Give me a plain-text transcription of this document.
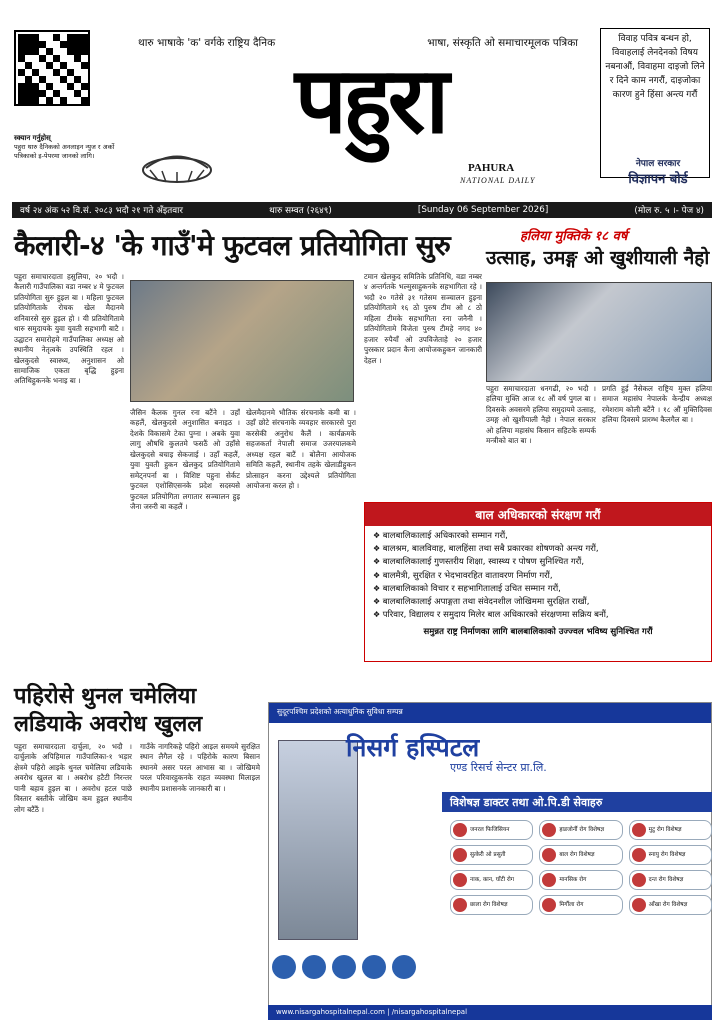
स्क्यान गर्नुहोस्
पहुरा थारु दैनिकको अनलाइन न्युज र अर्को पत्रिकाको इ-पेपरमा जानको लागि।
थारु भाषाके 'क' वर्गके राष्ट्रिय दैनिक	भाषा, संस्कृति ओ समाचारमूलक पत्रिका
पहुरा
PAHURA
NATIONAL DAILY
विवाह पवित्र बन्धन हो, विवाहलाई लेनदेनको विषय नबनाऔं, विवाहमा दाइजो लिने र दिने काम नगरौं, दाइजोका कारण हुने हिंसा अन्त्य गरौं
नेपाल सरकार
विज्ञापन बोर्ड
वर्ष २४ अंक ५२ वि.सं. २०८३ भदौ २१ गते अँइतवार	थारु सम्वत (२६४९)	[Sunday 06 September 2026]	(मोल रु. ५ ।- पेज ४)
कैलारी-४ 'के गाउँ'मे फुटवल प्रतियोगिता सुरु	हलिया मुक्तिके १८ वर्ष
उत्साह, उमङ्ग ओ खुशीयाली नैहो
पहुरा समाचारदाता हसुलिया, २० भदौ । कैलारी गाउँपालिका वडा नम्बर ४ मे फुटवल प्रतियोगिता सुरु हुइल बा । महिला फुटवल प्रतियोगिताके रोचक खेल मैदानमे शनिवारसे सुरु हुइल हो । यी प्रतियोगितामे थारु समुदायके युवा युवती सहभागी बाटै । उद्घाटन समारोहमे गाउँपालिका अध्यक्ष ओ स्थानीय नेतृत्वके उपस्थिति रहल । खेलकुदसे स्वास्थ्य, अनुशासन ओ सामाजिक एकता बृद्धि हुइना अतिथिहुकनके भनाइ बा ।
जैसिन कैलक गुनल रना बटैंने । उहाँ कहलैं, खेलकुदसे अनुशासित बनाइठ । देशके विकासमे टेका पुग्ना । अबके युवा लागु औषधि कुलतमे फसठैं ओ उहाँसे खेलकुदसे बचाइ सेकजाई । उहाँ कहलैं, युवा युवती हुकन खेलकुद प्रतियोगितामे समेट्नपर्ना बा । विशिष्ट पहुना सेर्कट फुटवल एशोसिएसनके प्रदेश सदस्यसे फुटवल प्रतियोगिता लगातार सञ्चालन हुइ जैना जरुरी बा कहलैं ।
खेलमैदानमे भौतिक संरचनाके कमी बा । उहाँ छोटे संरचनाके व्यवहार सरकारसे पुरा करसेकी अनुरोध कैलैं । कार्यक्रमके सहजकर्ता नेपाली समाज उजरयालकमे अध्यक्ष रहल बाटैं । बोलैना आयोजक समिति कहलैं, स्थानीय तहके खेलाडीहुकन प्रोत्साहन करना उद्देश्यले प्रतियोगिता आयोजना करल हो ।
टमान खेलकुद समितिके प्रतिनिधि, वडा नम्बर ४ अन्तर्गतके भल्मुसाहुकनके सहभागिता रहे । भदौ २० गतेसे ३१ गतेसम सञ्चालन हुइना प्रतियोगितामे १६ ठो पुरुष टीम ओ ८ ठो महिला टीमके सहभागिता रना जनैनी । प्रतियोगितामे विजेता पुरुष टीमहे नगद ४० हजार रुपैयाँ ओ उपविजेताहे २० हजार पुरस्कार प्रदान कैना आयोजकहुकन जानकारी देहल ।
पहुरा समाचारदाता धनगढी, २० भदौ । हलिया मुक्ति आज १८ औं वर्ष पुगल बा । दिवसके अवसरमे हलिया समुदायमे उत्साह, उमङ्ग ओ खुशीयाली नैहो । नेपाल सरकार ओ हलिया महासंघ किसान सहिटके सम्पर्क मन्त्रीको बात बा ।
प्रगति हुई नैसेकल राष्ट्रिय मुक्त हलिया समाज महासंघ नेपालके केन्द्रीय अध्यक्ष रमेशराम कोली बटैंनै । १८ औं मुक्तिदिवस हलिया दिवसमे प्रारम्भ कैलगैल बा ।
बाल अधिकारको संरक्षण गरौं
❖ बालबालिकालाई अधिकारको सम्मान गरौं,
❖ बालश्रम, बालविवाह, बालहिंसा तथा सबै प्रकारका शोषणको अन्त्य गरौं,
❖ बालबालिकालाई गुणस्तरीय शिक्षा, स्वास्थ्य र पोषण सुनिश्चित गरौं,
❖ बालमैत्री, सुरक्षित र भेदभावरहित वातावरण निर्माण गरौं,
❖ बालबालिकाको विचार र सहभागितालाई उचित सम्मान गरौं,
❖ बालबालिकालाई अपाङ्गता तथा संवेदनशील जोखिममा सुरक्षित राखौं,
❖ परिवार, विद्यालय र समुदाय मिलेर बाल अधिकारको संरक्षणमा सक्रिय बनौं,
समुन्नत राष्ट्र निर्माणका लागि बालबालिकाको उज्ज्वल भविष्य सुनिश्चित गरौं
पहिरोसे थुनल चमेलिया
लडियाके अवरोध खुलल
पहुरा समाचारदाता दार्चुला, २० भदौ । दार्चुलाके अपिहिमाल गाउँपालिका-१ भड़ार क्षेत्रमे पहिरो आइके थुनल चमेलिया लडियाके अवरोध खुलल बा । अबरोध हटैटी निरन्तर पानी बहाव हुइल बा । अवरोध हटल पाछे विस्तार बस्तीके जोखिम कम हुइल स्थानीय लोग बटैंठैं ।
गाउँके नागरिकहे पहिरो आइल समयमे सुरक्षित स्थान लैगैल रहे । पहिरोके कारण बिसान स्थानमे असर परल आभास बा । जोखिममे परल परिवारहुकनके राहत व्यवस्था मिलाइल स्थानीय प्रशासनके जानकारी बा ।
सुदूरपश्चिम प्रदेशको अत्याधुनिक सुविधा सम्पन्न
निसर्ग हस्पिटल
एण्ड रिसर्च सेन्टर प्रा.लि.
विशेषज्ञ डाक्टर तथा ओ.पि.डी सेवाहरु
जनरल फिजिसियन	हाडजोर्नी रोग विशेषज्ञ	मुटु रोग विशेषज्ञ
सुत्केरी ओ प्रसुती	बाल रोग विशेषज्ञ	स्नायु रोग विशेषज्ञ
नाक, कान, घाँटी रोग	मानसिक रोग	दन्त रोग विशेषज्ञ
छाला रोग विशेषज्ञ	मिर्गौला रोग	आँखा रोग विशेषज्ञ
www.nisargahospitalnepal.com | /nisargahospitalnepal
